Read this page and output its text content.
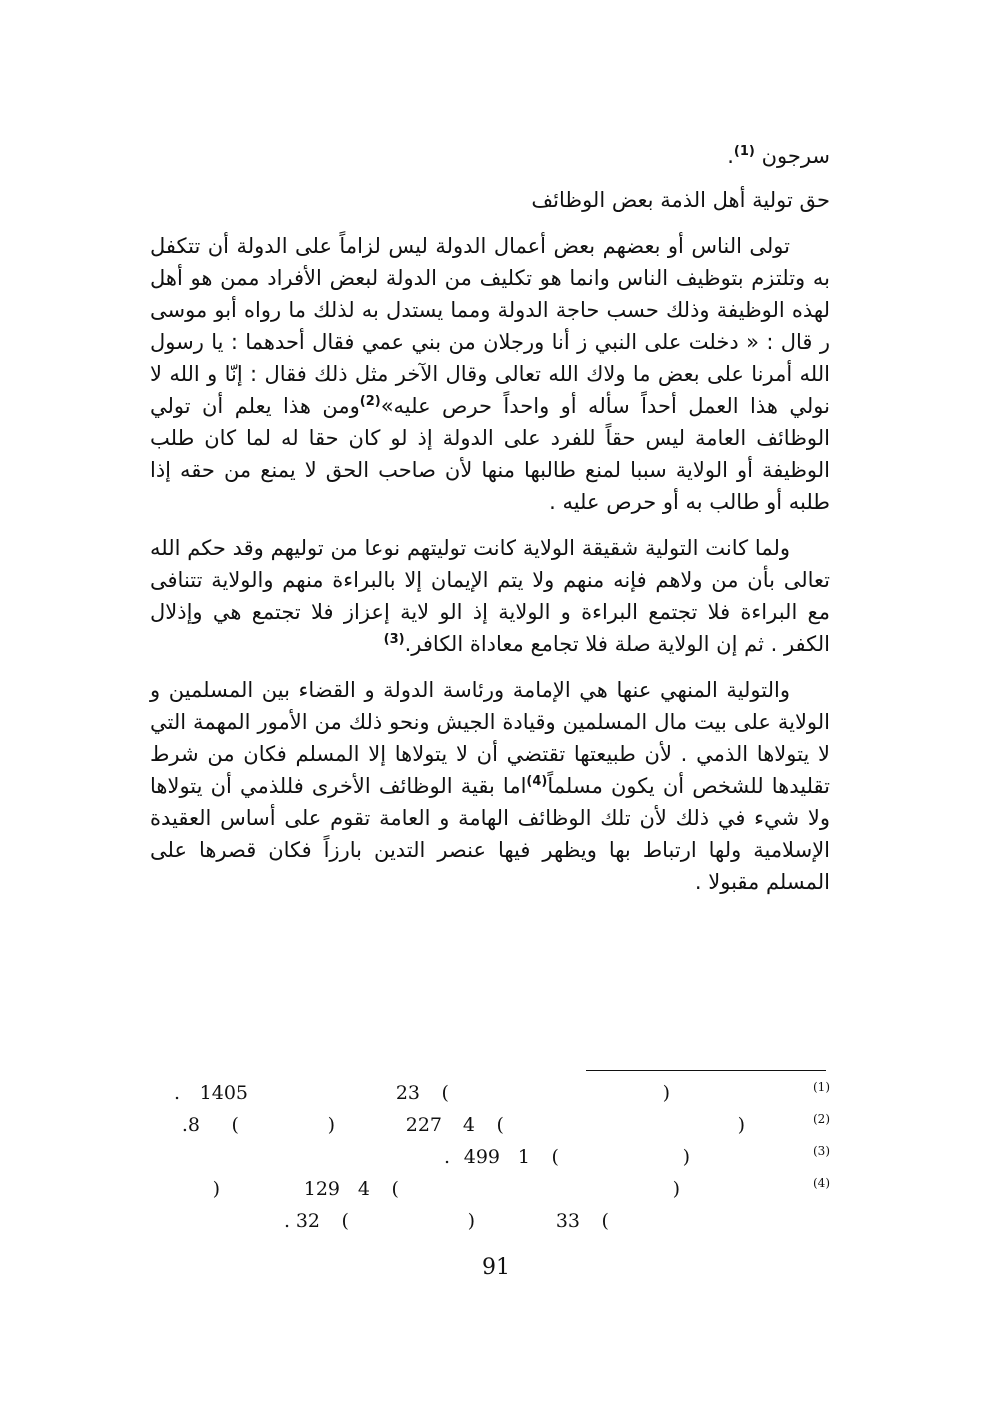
سرجون $^{(1)}$.

حق تولية أهل الذمة بعض الوظائف

تولى الناس أو بعضهم بعض أعمال الدولة ليس لزاماً على الدولة أن تتكفل به وتلتزم بتوظيف الناس وانما هو تكليف من الدولة لبعض الأفراد ممن هو أهل لهذه الوظيفة وذلك حسب حاجة الدولة ومما يستدل به لذلك ما رواه أبو موسى ر قال : « دخلت على النبي ز أنا ورجلان من بني عمي فقال أحدهما : يا رسول الله أمرنا على بعض ما ولاك الله تعالى وقال الآخر مثل ذلك فقال : إنّا و الله لا نولي هذا العمل أحداً سأله أو واحداً حرص عليه»$^{(2)}$ومن هذا يعلم أن تولي الوظائف العامة ليس حقاً للفرد على الدولة إذ لو كان حقا له لما كان طلب الوظيفة أو الولاية سببا لمنع طالبها منها لأن صاحب الحق لا يمنع من حقه إذا طلبه أو طالب به أو حرص عليه .

ولما كانت التولية شقيقة الولاية كانت توليتهم نوعا من توليهم وقد حكم الله تعالى بأن من ولاهم فإنه منهم ولا يتم الإيمان إلا بالبراءة منهم والولاية تتنافى مع البراءة فلا تجتمع البراءة و الولاية إذ الو لاية إعزاز فلا تجتمع هي وإذلال الكفر . ثم إن الولاية صلة فلا تجامع معاداة الكافر.$^{(3)}$

والتولية المنهي عنها هي الإمامة ورئاسة الدولة و القضاء بين المسلمين و الولاية على بيت مال المسلمين وقيادة الجيش ونحو ذلك من الأمور المهمة التي لا يتولاها الذمي . لأن طبيعتها تقتضي أن لا يتولاها إلا المسلم فكان من شرط تقليدها للشخص أن يكون مسلماً$^{(4)}$اما بقية الوظائف الأخرى فللذمي أن يتولاها ولا شيء في ذلك لأن تلك الوظائف الهامة و العامة تقوم على أساس العقيدة الإسلامية ولها ارتباط بها ويظهر فيها عنصر التدين بارزاً فكان قصرها على المسلم مقبولا .

(1)
)
(
23
1405
.
(2)
)
(
4
227
)
(
.8
(3)
)
(
1
499
.
(4)
)
(
4
129
)
(
33
)
(
32
.
91
